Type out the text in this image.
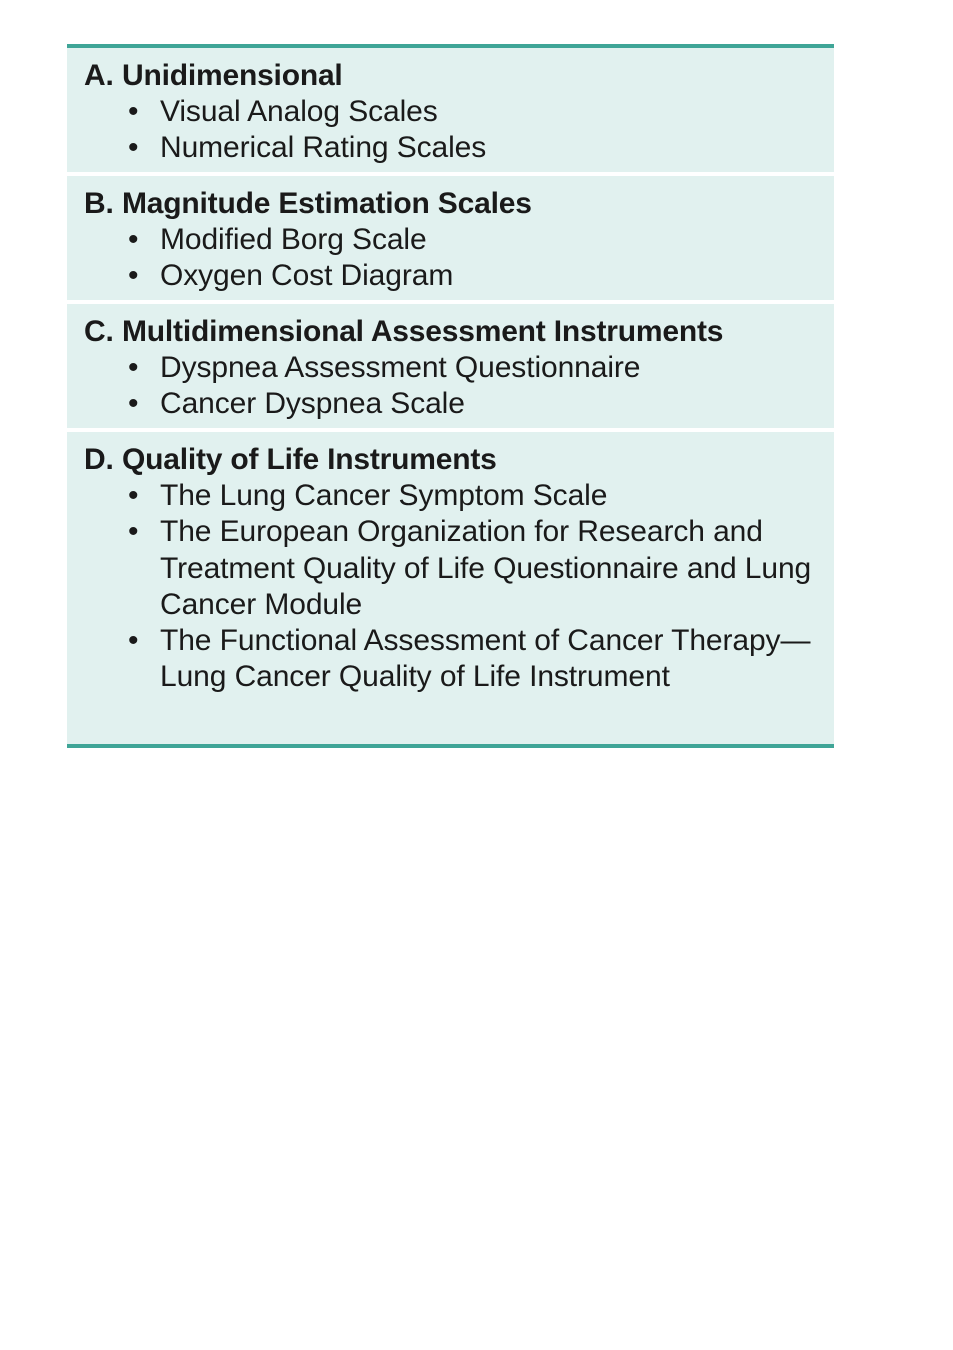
A. Unidimensional
• Visual Analog Scales
• Numerical Rating Scales
B. Magnitude Estimation Scales
• Modified Borg Scale
• Oxygen Cost Diagram
C. Multidimensional Assessment Instruments
• Dyspnea Assessment Questionnaire
• Cancer Dyspnea Scale
D. Quality of Life Instruments
• The Lung Cancer Symptom Scale
• The European Organization for Research and Treatment Quality of Life Questionnaire and Lung Cancer Module
• The Functional Assessment of Cancer Therapy—Lung Cancer Quality of Life Instrument
